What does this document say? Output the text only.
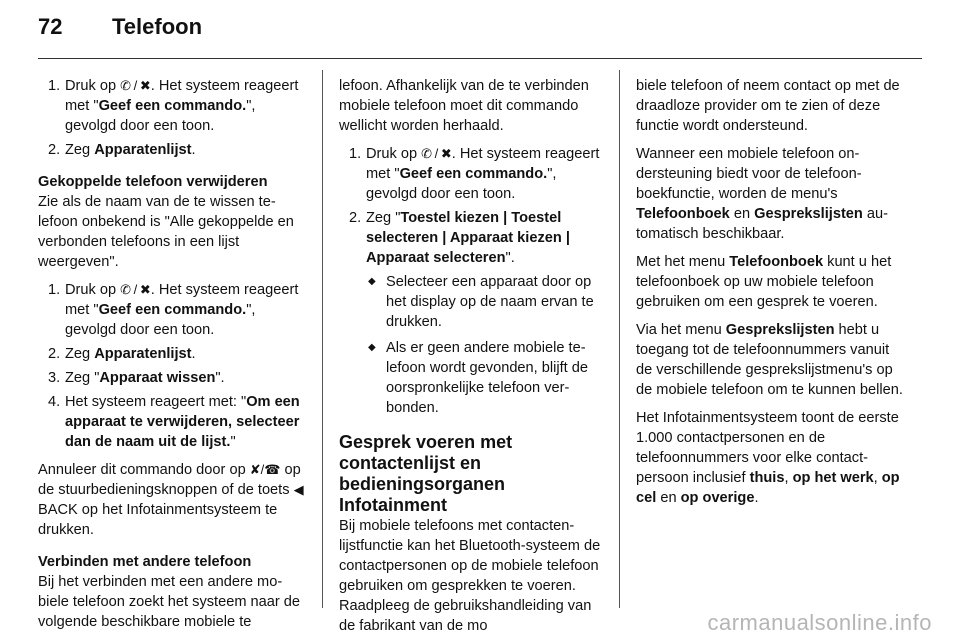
72	Telefoon
1. Druk op ✆ / ✖. Het systeem reageert met "Geef een commando.", gevolgd door een toon.
2. Zeg Apparatenlijst.
Gekoppelde telefoon verwijderen

Zie als de naam van de te wissen telefoon onbekend is "Alle gekoppelde en verbonden telefoons in een lijst weergeven".

1. Druk op ✆ / ✖. Het systeem reageert met "Geef een commando.", gevolgd door een toon.
2. Zeg Apparatenlijst.
3. Zeg "Apparaat wissen".
4. Het systeem reageert met: "Om een apparaat te verwijderen, selecteer dan de naam uit de lijst."

Annuleer dit commando door op ✘/☎ op de stuurbedieningsknoppen of de toets ◀ BACK op het Infotainmentsysteem te drukken.

Verbinden met andere telefoon

Bij het verbinden met een andere mobiele telefoon zoekt het systeem naar de volgende beschikbare mobiele te

lefoon. Afhankelijk van de te verbinden mobiele telefoon moet dit commando wellicht worden herhaald.

1. Druk op ✆ / ✖. Het systeem reageert met "Geef een commando.", gevolgd door een toon.
2. Zeg "Toestel kiezen | Toestel selecteren | Apparaat kiezen | Apparaat selecteren".
◆ Selecteer een apparaat door op het display op de naam ervan te drukken.
◆ Als er geen andere mobiele telefoon wordt gevonden, blijft de oorspronkelijke telefoon verbonden.
Gesprek voeren met
contactenlijst en
bedieningsorganen
Infotainment

Bij mobiele telefoons met contactenlijstfunctie kan het Bluetooth-systeem de contactpersonen op de mobiele telefoon gebruiken om gesprekken te voeren. Raadpleeg de gebruikshandleiding van de fabrikant van de mo

biele telefoon of neem contact op met de draadloze provider om te zien of deze functie wordt ondersteund.

Wanneer een mobiele telefoon ondersteuning biedt voor de telefoonboekfunctie, worden de menu's Telefoonboek en Gesprekslijsten automatisch beschikbaar.

Met het menu Telefoonboek kunt u het telefoonboek op uw mobiele telefoon gebruiken om een gesprek te voeren.

Via het menu Gesprekslijsten hebt u toegang tot de telefoonnummers vanuit de verschillende gesprekslijstmenu's op de mobiele telefoon om te kunnen bellen.

Het Infotainmentsysteem toont de eerste 1.000 contactpersonen en de telefoonnummers voor elke contactpersoon inclusief thuis, op het werk, op cel en op overige.

carmanualsonline.info
